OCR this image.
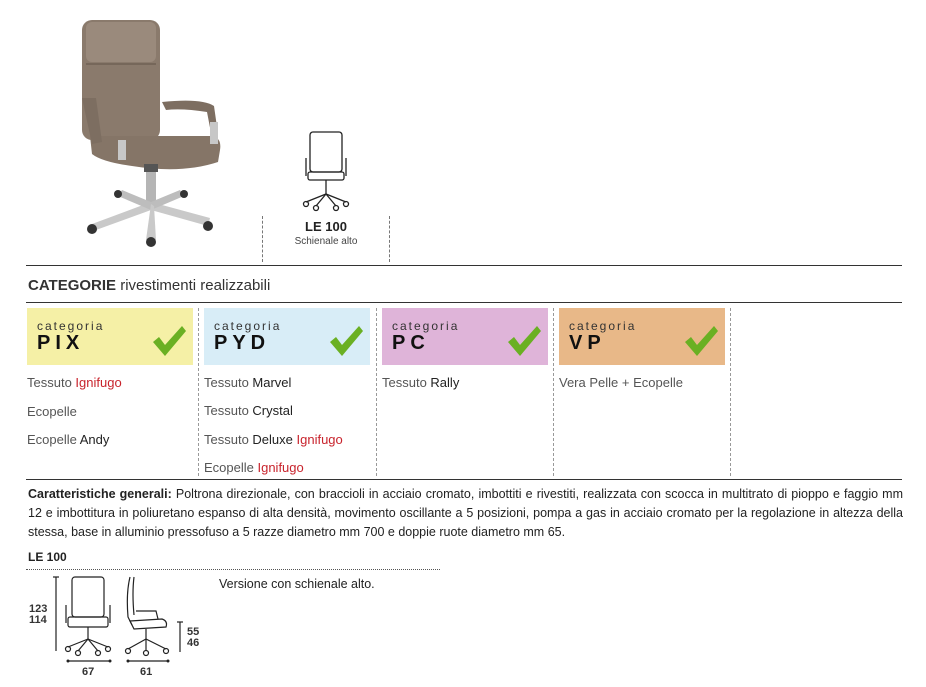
LE 100
Schienale alto
CATEGORIE rivestimenti realizzabili
categoria
PIX
categoria
PYD
categoria
PC
categoria
VP
Tessuto Ignifugo
Ecopelle
Ecopelle Andy
Tessuto Marvel
Tessuto Crystal
Tessuto Deluxe Ignifugo
Ecopelle Ignifugo
Tessuto Rally	Vera Pelle + Ecopelle
Caratteristiche generali: Poltrona direzionale, con braccioli in acciaio cromato, imbottiti e rivestiti, realizzata con scocca in multitrato di pioppo e faggio mm 12 e imbottitura in poliuretano espanso di alta densità, movimento oscillante a 5 posizioni, pompa a gas in acciaio cromato per la regolazione in altezza della stessa, base in alluminio pressofuso a 5 razze diametro mm 700 e doppie ruote diametro mm 65.
LE 100
123
114
55
46
67	61
Versione con schienale alto.
